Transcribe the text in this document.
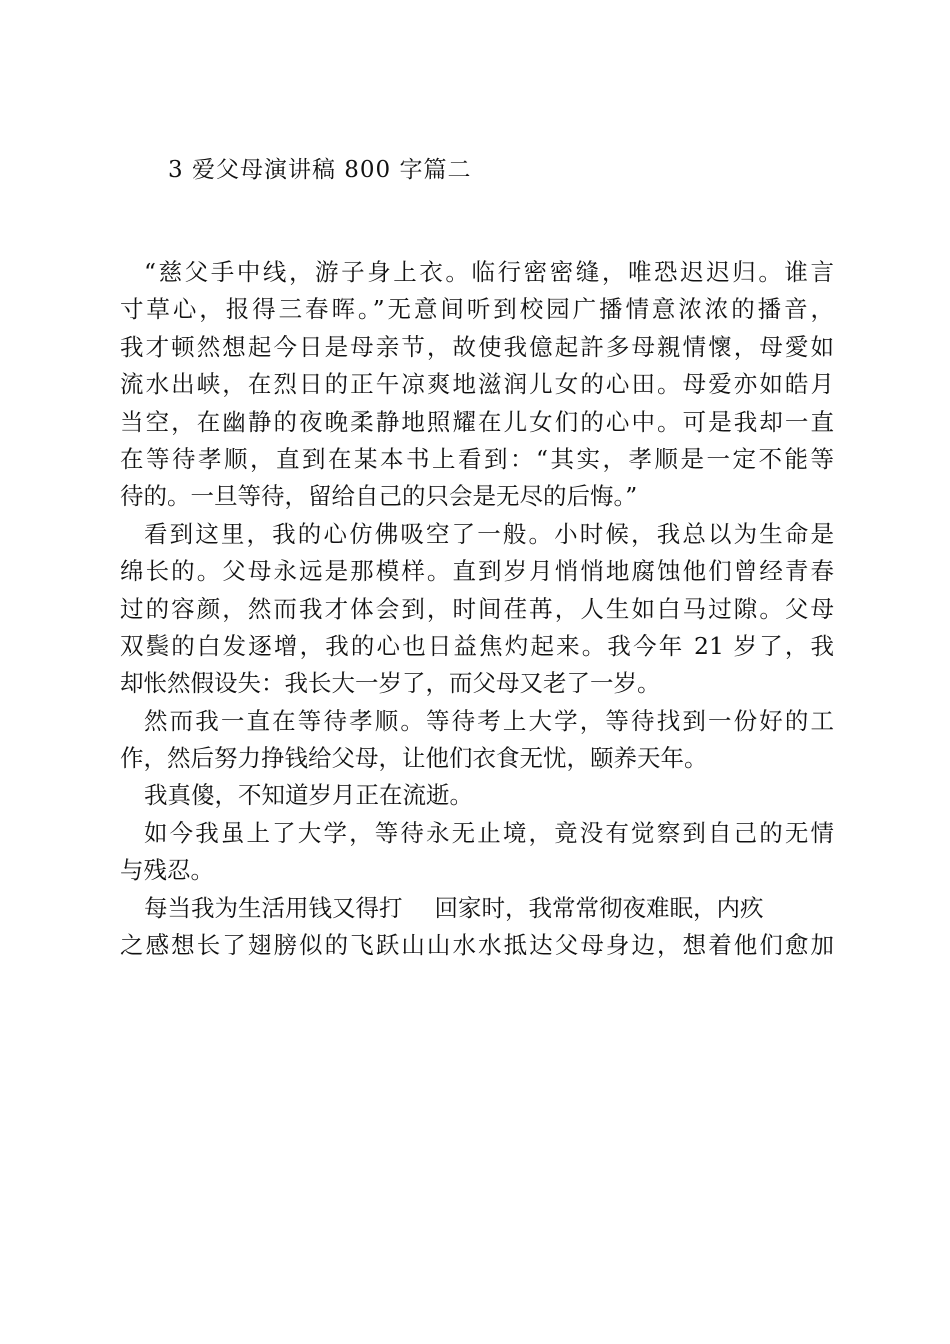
3 爱父母演讲稿 800 字篇二
“慈父手中线，游子身上衣。临行密密缝，唯恐迟迟归。谁言
寸草心，报得三春晖。”无意间听到校园广播情意浓浓的播音，
我才顿然想起今日是母亲节，故使我億起許多母親情懷，母愛如
流水出峡，在烈日的正午凉爽地滋润儿女的心田。母爱亦如皓月
当空，在幽静的夜晚柔静地照耀在儿女们的心中。可是我却一直
在等待孝顺，直到在某本书上看到：“其实，孝顺是一定不能等
待的。一旦等待，留给自己的只会是无尽的后悔。”
看到这里，我的心仿佛吸空了一般。小时候，我总以为生命是
绵长的。父母永远是那模样。直到岁月悄悄地腐蚀他们曾经青春
过的容颜，然而我才体会到，时间荏苒，人生如白马过隙。父母
双鬓的白发逐增，我的心也日益焦灼起来。我今年 21 岁了，我
却怅然假设失：我长大一岁了，而父母又老了一岁。
然而我一直在等待孝顺。等待考上大学，等待找到一份好的工
作，然后努力挣钱给父母，让他们衣食无忧，颐养天年。
我真傻，不知道岁月正在流逝。
如今我虽上了大学，等待永无止境，竟没有觉察到自己的无情
与残忍。
每当我为生活用钱又得打 回家时，我常常彻夜难眠，内疚
之感想长了翅膀似的飞跃山山水水抵达父母身边，想着他们愈加
